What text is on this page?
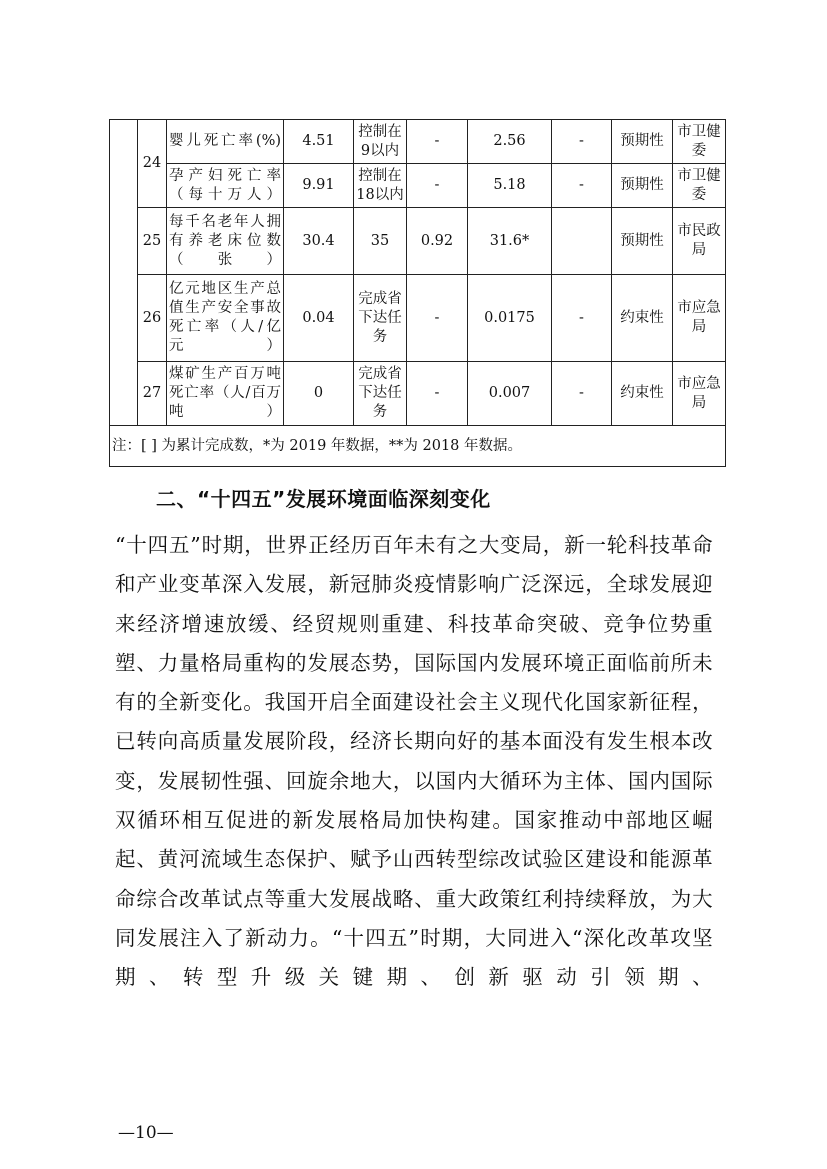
	24	婴儿死亡率(%)	4.51	控制在9以内	-	2.56	-	预期性	市卫健委
		孕产妇死亡率（每十万人）	9.91	控制在18以内	-	5.18	-	预期性	市卫健委
	25	每千名老年人拥有养老床位数（张）	30.4	35	0.92	31.6*		预期性	市民政局
	26	亿元地区生产总值生产安全事故死亡率（人/亿元）	0.04	完成省下达任务	-	0.0175	-	约束性	市应急局
	27	煤矿生产百万吨死亡率（人/百万吨）	0	完成省下达任务	-	0.007	-	约束性	市应急局
注：[ ] 为累计完成数，*为 2019 年数据，**为 2018 年数据。									
二、“十四五”发展环境面临深刻变化

“十四五”时期，世界正经历百年未有之大变局，新一轮科技革命和产业变革深入发展，新冠肺炎疫情影响广泛深远，全球发展迎来经济增速放缓、经贸规则重建、科技革命突破、竞争位势重塑、力量格局重构的发展态势，国际国内发展环境正面临前所未有的全新变化。我国开启全面建设社会主义现代化国家新征程，已转向高质量发展阶段，经济长期向好的基本面没有发生根本改变，发展韧性强、回旋余地大，以国内大循环为主体、国内国际双循环相互促进的新发展格局加快构建。国家推动中部地区崛起、黄河流域生态保护、赋予山西转型综改试验区建设和能源革命综合改革试点等重大发展战略、重大政策红利持续释放，为大同发展注入了新动力。“十四五”时期，大同进入“深化改革攻坚期、转型升级关键期、创新驱动引领期、

—10—
